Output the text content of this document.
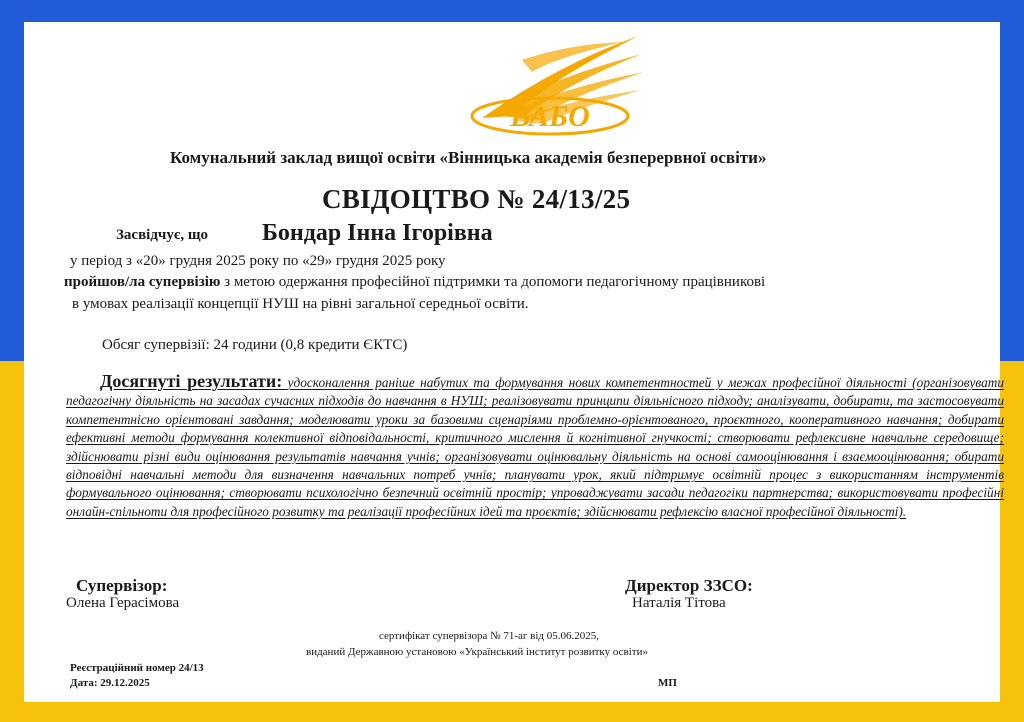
ВАБО
Комунальний заклад вищої освіти «Вінницька академія безперервної освіти»
СВІДОЦТВО № 24/13/25
Засвідчує, що Бондар Інна Ігорівна
у період з «20» грудня 2025 року по «29» грудня 2025 року
пройшов/ла супервізію з метою одержання професійної підтримки та допомоги педагогічному працівникові
в умовах реалізації концепції НУШ на рівні загальної середньої освіти.
Обсяг супервізії: 24 години (0,8 кредити ЄКТС)
Досягнуті результати: удосконалення раніше набутих та формування нових компетентностей у межах професійної діяльності (організовувати педагогічну діяльність на засадах сучасних підходів до навчання в НУШ; реалізовувати принципи діяльнісного підходу; аналізувати, добирати, та застосовувати компетентнісно орієнтовані завдання; моделювати уроки за базовими сценаріями проблемно-орієнтованого, проєктного, кооперативного навчання; добирати ефективні методи формування колективної відповідальності, критичного мислення й когнітивної гнучкості; створювати рефлексивне навчальне середовище; здійснювати різні види оцінювання результатів навчання учнів; організовувати оцінювальну діяльність на основі самооцінювання і взаємооцінювання; обирати відповідні навчальні методи для визначення навчальних потреб учнів; планувати урок, який підтримує освітній процес з використанням інструментів формувального оцінювання; створювати психологічно безпечний освітній простір; упроваджувати засади педагогіки партнерства; використовувати професійні онлайн-спільноти для професійного розвитку та реалізації професійних ідей та проєктів; здійснювати рефлексію власної професійної діяльності).
Супервізор:
Олена Герасімова
Директор ЗЗСО:
Наталія Тітова
сертифікат супервізора № 71-аг від 05.06.2025,
виданий Державною установою «Український інститут розвитку освіти»
Реєстраційний номер 24/13
Дата: 29.12.2025	МП
